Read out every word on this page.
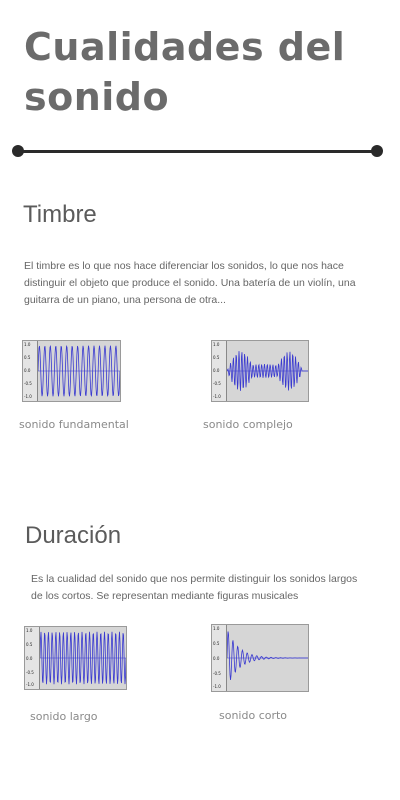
Cualidades del sonido
Timbre

El timbre es lo que nos hace diferenciar los sonidos, lo que nos hace distinguir el objeto que produce el sonido. Una batería de un violín, una guitarra de un piano, una persona de otra...

1.0
0.5
0.0
-0.5
-1.0

sonido fundamental

1.0
0.5
0.0
-0.5
-1.0

sonido complejo

Duración

Es la cualidad del sonido que nos permite distinguir los sonidos largos de los cortos. Se representan mediante figuras musicales

1.0
0.5
0.0
-0.5
-1.0

sonido largo

1.0
0.5
0.0
-0.5
-1.0

sonido corto
